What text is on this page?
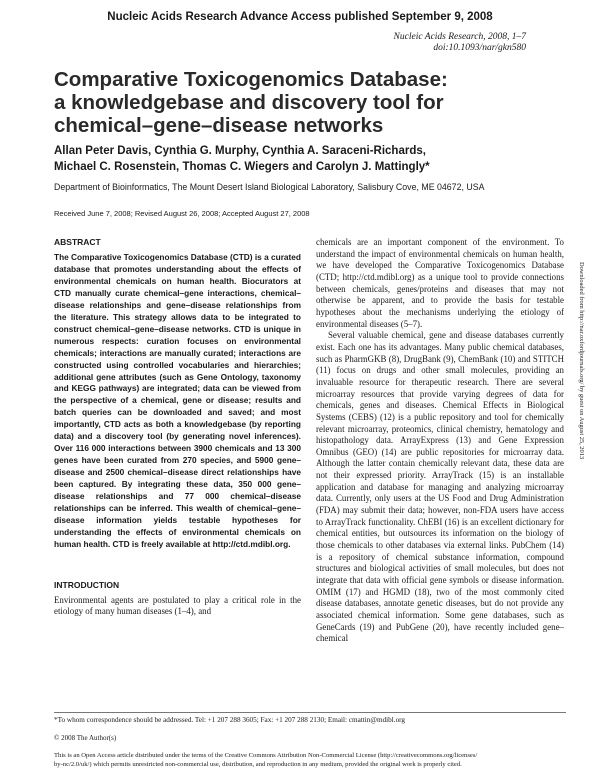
Nucleic Acids Research Advance Access published September 9, 2008
Nucleic Acids Research, 2008, 1–7
doi:10.1093/nar/gkn580
Comparative Toxicogenomics Database:
a knowledgebase and discovery tool for
chemical–gene–disease networks
Allan Peter Davis, Cynthia G. Murphy, Cynthia A. Saraceni-Richards,
Michael C. Rosenstein, Thomas C. Wiegers and Carolyn J. Mattingly*
Department of Bioinformatics, The Mount Desert Island Biological Laboratory, Salisbury Cove, ME 04672, USA
Received June 7, 2008; Revised August 26, 2008; Accepted August 27, 2008
ABSTRACT

The Comparative Toxicogenomics Database (CTD) is a curated database that promotes understanding about the effects of environmental chemicals on human health. Biocurators at CTD manually curate chemical–gene interactions, chemical–disease relationships and gene–disease relationships from the literature. This strategy allows data to be integrated to construct chemical–gene–disease networks. CTD is unique in numerous respects: curation focuses on environmental chemicals; interactions are manually curated; interactions are constructed using controlled vocabularies and hierarchies; additional gene attributes (such as Gene Ontology, taxonomy and KEGG pathways) are integrated; data can be viewed from the perspective of a chemical, gene or disease; results and batch queries can be downloaded and saved; and most importantly, CTD acts as both a knowledgebase (by reporting data) and a discovery tool (by generating novel inferences). Over 116 000 interactions between 3900 chemicals and 13 300 genes have been curated from 270 species, and 5900 gene–disease and 2500 chemical–disease direct relationships have been captured. By integrating these data, 350 000 gene–disease relationships and 77 000 chemical–disease relationships can be inferred. This wealth of chemical–gene–disease information yields testable hypotheses for understanding the effects of environmental chemicals on human health. CTD is freely available at http://ctd.mdibl.org.

INTRODUCTION

Environmental agents are postulated to play a critical role in the etiology of many human diseases (1–4), and

chemicals are an important component of the environment. To understand the impact of environmental chemicals on human health, we have developed the Comparative Toxicogenomics Database (CTD; http://ctd.mdibl.org) as a unique tool to provide connections between chemicals, genes/proteins and diseases that may not otherwise be apparent, and to provide the basis for testable hypotheses about the mechanisms underlying the etiology of environmental diseases (5–7).

Several valuable chemical, gene and disease databases currently exist. Each one has its advantages. Many public chemical databases, such as PharmGKB (8), DrugBank (9), ChemBank (10) and STITCH (11) focus on drugs and other small molecules, providing an invaluable resource for therapeutic research. There are several microarray resources that provide varying degrees of data for chemicals, genes and diseases. Chemical Effects in Biological Systems (CEBS) (12) is a public repository and tool for chemically relevant microarray, proteomics, clinical chemistry, hematology and histopathology data. ArrayExpress (13) and Gene Expression Omnibus (GEO) (14) are public repositories for microarray data. Although the latter contain chemically relevant data, these data are not their expressed priority. ArrayTrack (15) is an installable application and database for managing and analyzing microarray data. Currently, only users at the US Food and Drug Administration (FDA) may submit their data; however, non-FDA users have access to ArrayTrack functionality. ChEBI (16) is an excellent dictionary for chemical entities, but outsources its information on the biology of those chemicals to other databases via external links. PubChem (14) is a repository of chemical substance information, compound structures and biological activities of small molecules, but does not integrate that data with official gene symbols or disease information. OMIM (17) and HGMD (18), two of the most commonly cited disease databases, annotate genetic diseases, but do not provide any associated chemical information. Some gene databases, such as GeneCards (19) and PubGene (20), have recently included gene–chemical

*To whom correspondence should be addressed. Tel: +1 207 288 3605; Fax: +1 207 288 2130; Email: cmattin@mdibl.org
© 2008 The Author(s)
This is an Open Access article distributed under the terms of the Creative Commons Attribution Non-Commercial License (http://creativecommons.org/licenses/
by-nc/2.0/uk/) which permits unrestricted non-commercial use, distribution, and reproduction in any medium, provided the original work is properly cited.
Downloaded from http://nar.oxfordjournals.org/ by guest on August 25, 2013
